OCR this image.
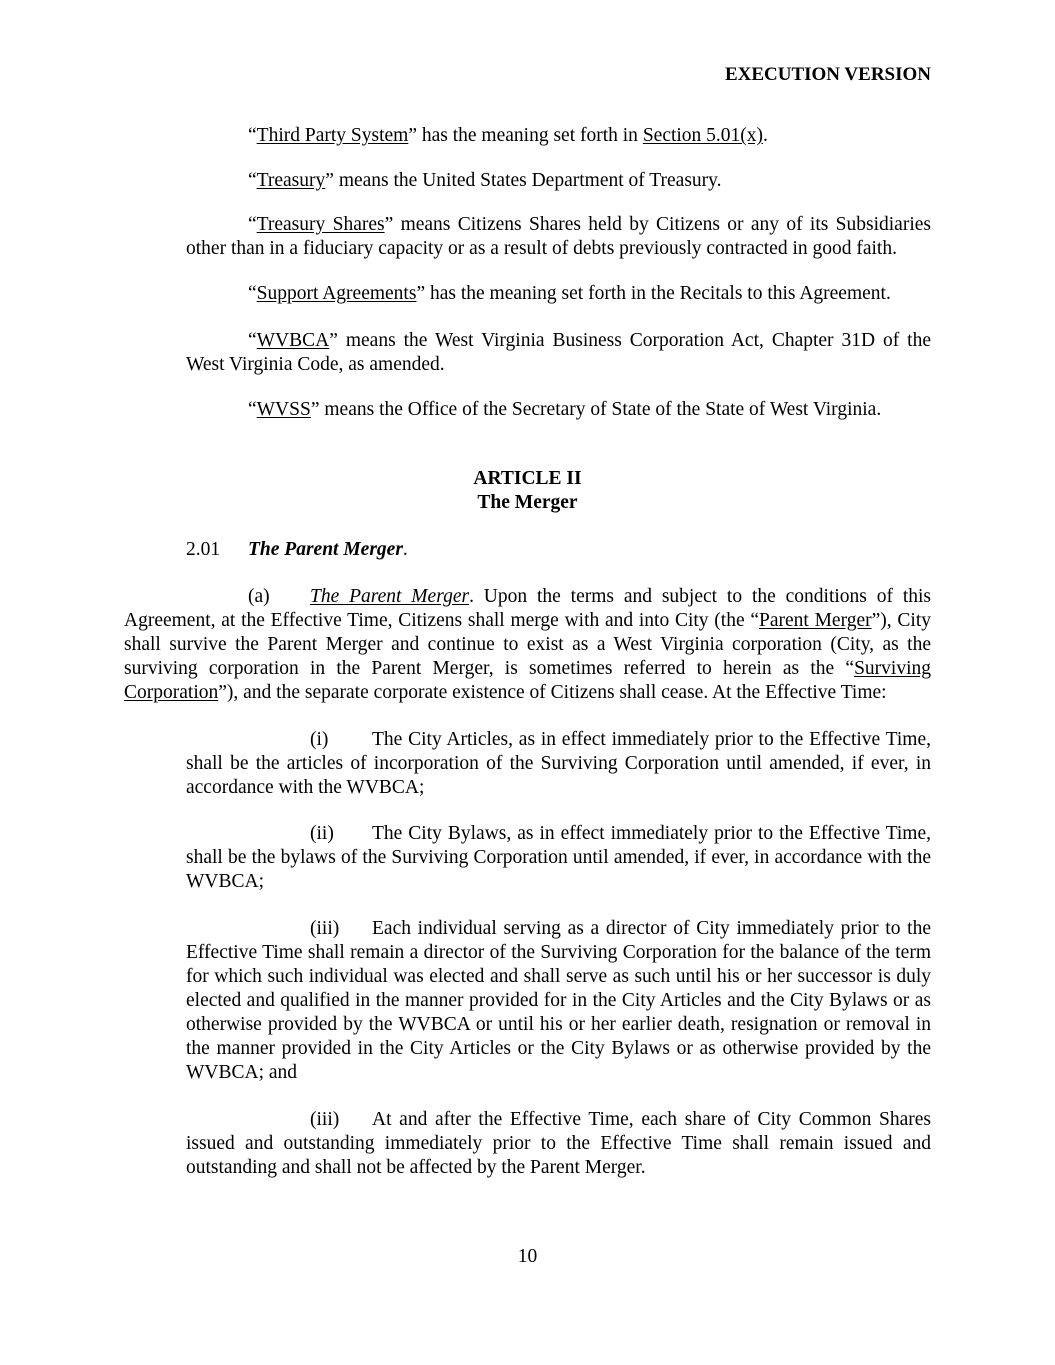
EXECUTION VERSION
“Third Party System” has the meaning set forth in Section 5.01(x).
“Treasury” means the United States Department of Treasury.
“Treasury Shares” means Citizens Shares held by Citizens or any of its Subsidiaries other than in a fiduciary capacity or as a result of debts previously contracted in good faith.
“Support Agreements” has the meaning set forth in the Recitals to this Agreement.
“WVBCA” means the West Virginia Business Corporation Act, Chapter 31D of the West Virginia Code, as amended.
“WVSS” means the Office of the Secretary of State of the State of West Virginia.
ARTICLE II
The Merger
2.01 The Parent Merger.
(a) The Parent Merger. Upon the terms and subject to the conditions of this Agreement, at the Effective Time, Citizens shall merge with and into City (the “Parent Merger”), City shall survive the Parent Merger and continue to exist as a West Virginia corporation (City, as the surviving corporation in the Parent Merger, is sometimes referred to herein as the “Surviving Corporation”), and the separate corporate existence of Citizens shall cease. At the Effective Time:
(i) The City Articles, as in effect immediately prior to the Effective Time, shall be the articles of incorporation of the Surviving Corporation until amended, if ever, in accordance with the WVBCA;
(ii) The City Bylaws, as in effect immediately prior to the Effective Time, shall be the bylaws of the Surviving Corporation until amended, if ever, in accordance with the WVBCA;
(iii) Each individual serving as a director of City immediately prior to the Effective Time shall remain a director of the Surviving Corporation for the balance of the term for which such individual was elected and shall serve as such until his or her successor is duly elected and qualified in the manner provided for in the City Articles and the City Bylaws or as otherwise provided by the WVBCA or until his or her earlier death, resignation or removal in the manner provided in the City Articles or the City Bylaws or as otherwise provided by the WVBCA; and
(iii) At and after the Effective Time, each share of City Common Shares issued and outstanding immediately prior to the Effective Time shall remain issued and outstanding and shall not be affected by the Parent Merger.
10
